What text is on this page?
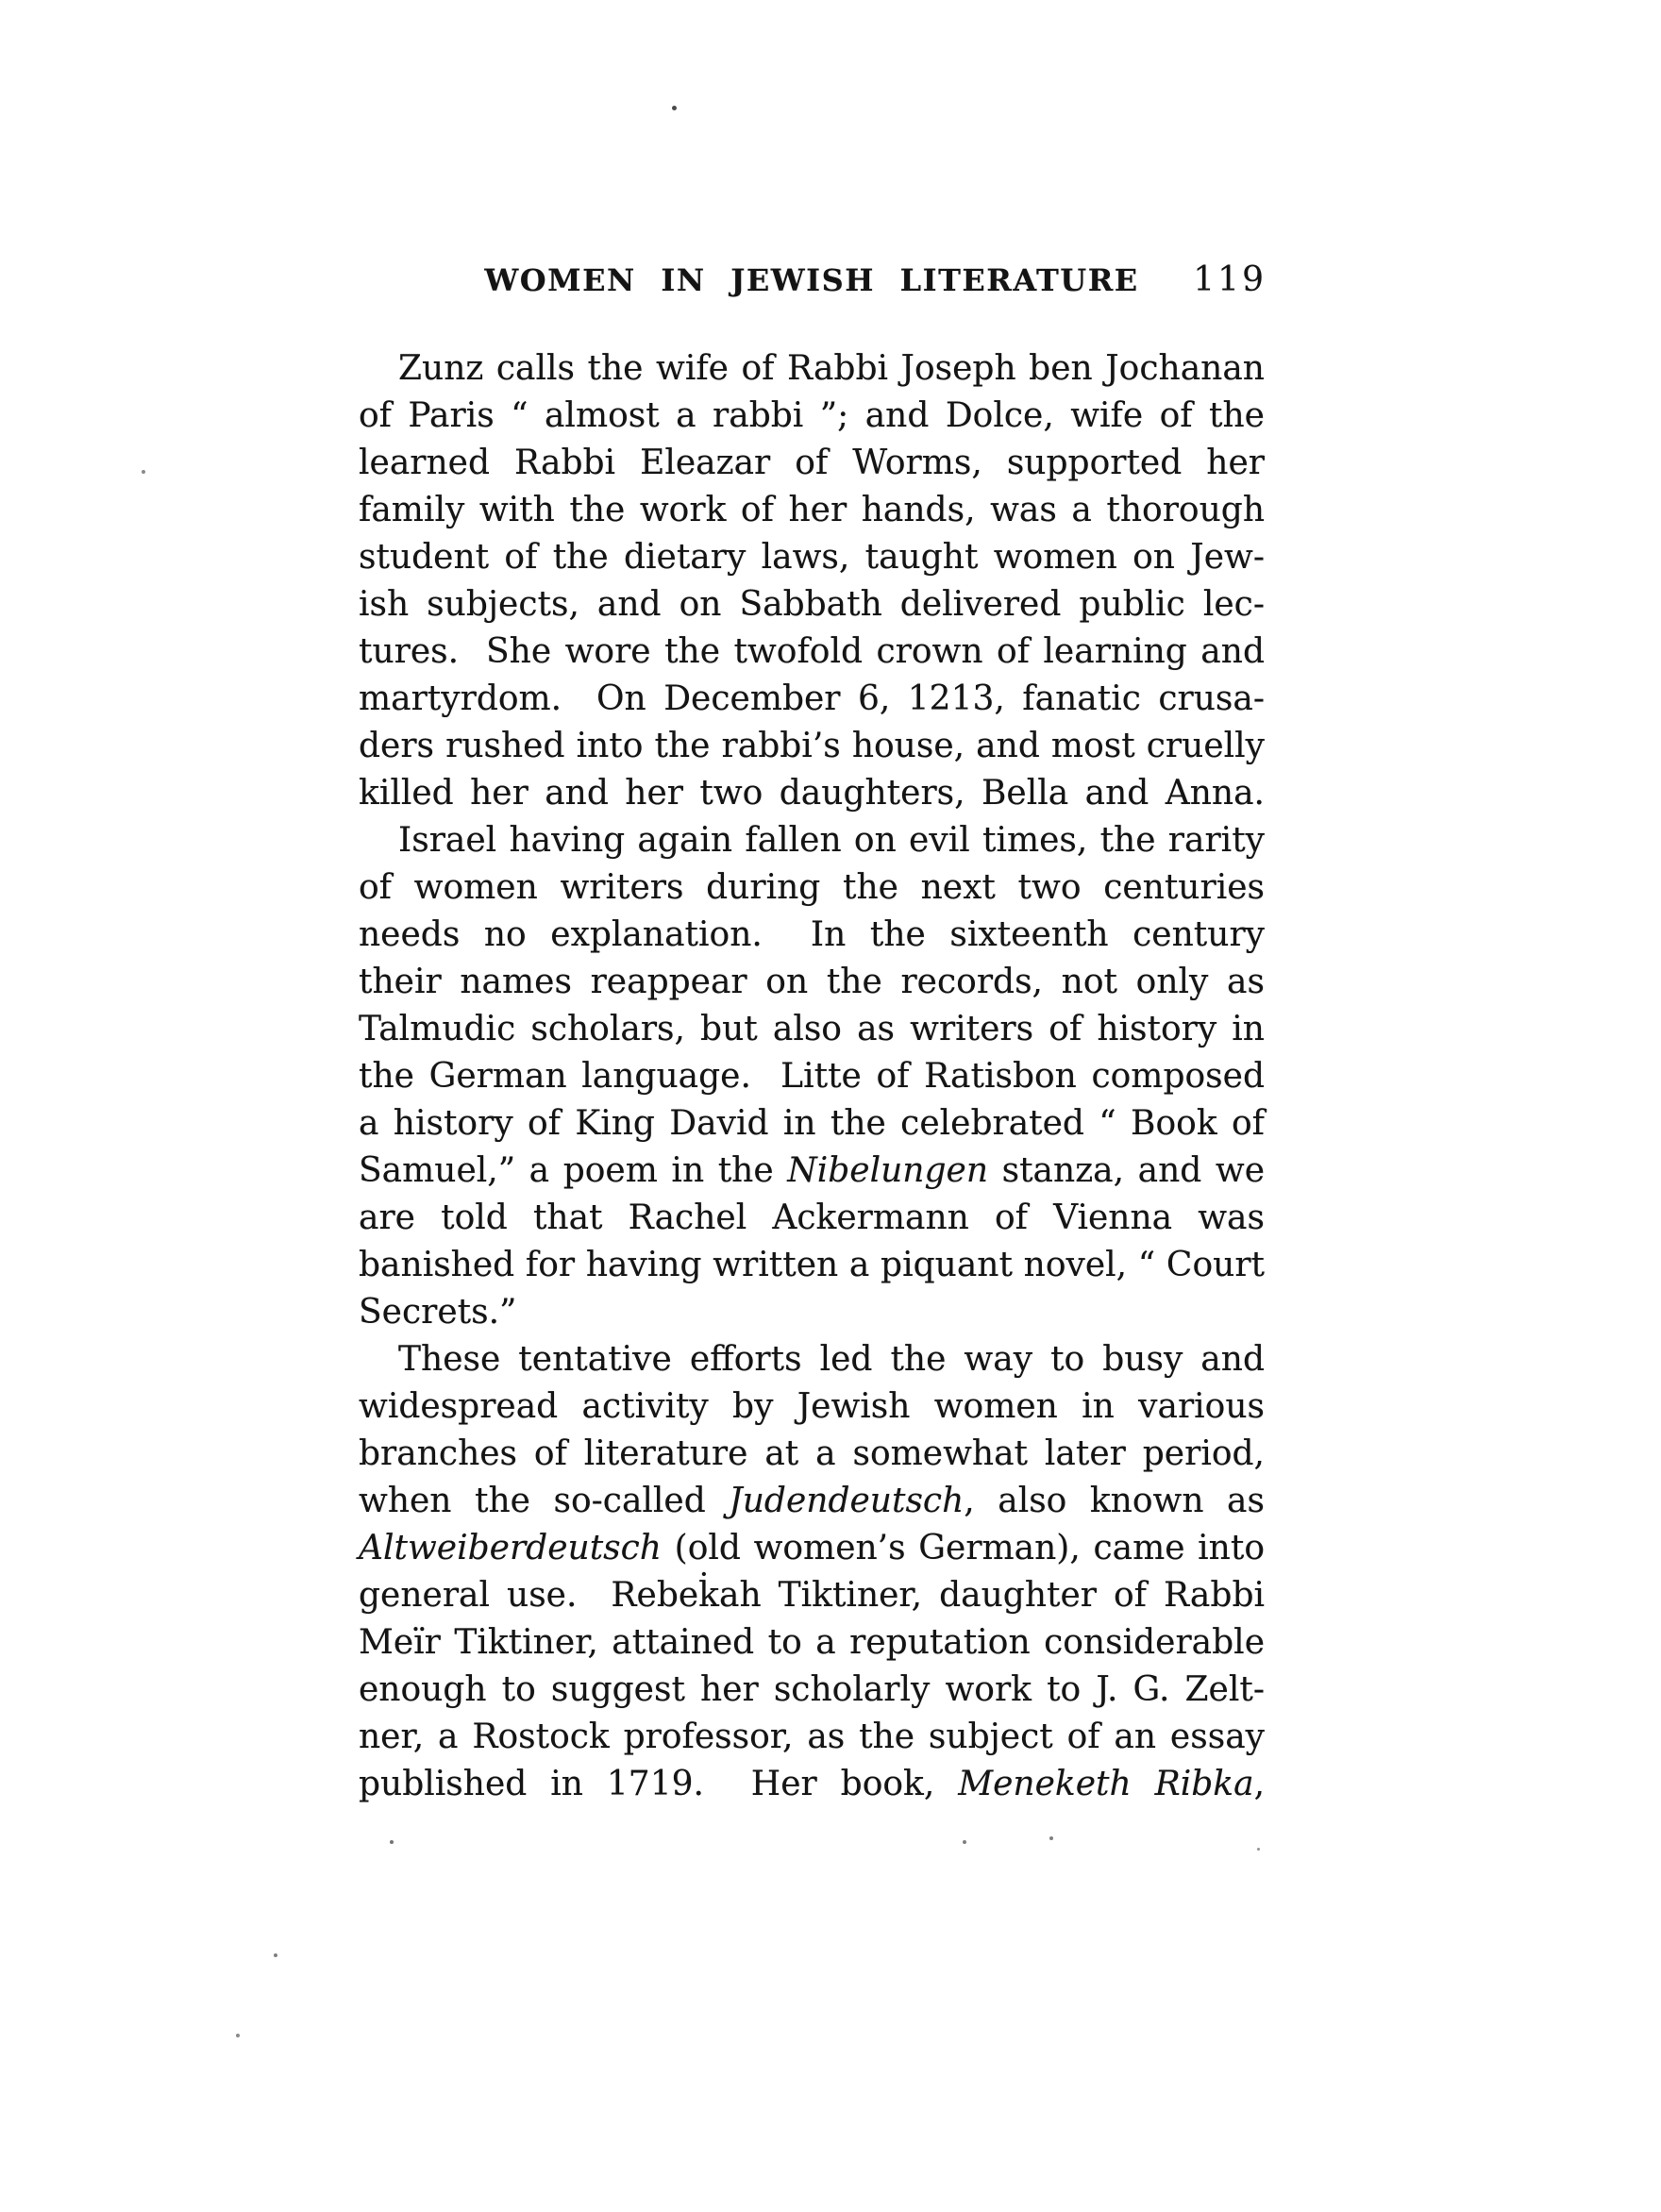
WOMEN IN JEWISH LITERATURE 119
Zunz calls the wife of Rabbi Joseph ben Jochanan
of Paris “ almost a rabbi ”; and Dolce, wife of the
learned Rabbi Eleazar of Worms, supported her
family with the work of her hands, was a thorough
student of the dietary laws, taught women on Jew-
ish subjects, and on Sabbath delivered public lec-
tures.  She wore the twofold crown of learning and
martyrdom.  On December 6, 1213, fanatic crusa-
ders rushed into the rabbi’s house, and most cruelly
killed her and her two daughters, Bella and Anna.
Israel having again fallen on evil times, the rarity
of women writers during the next two centuries
needs no explanation.  In the sixteenth century
their names reappear on the records, not only as
Talmudic scholars, but also as writers of history in
the German language.  Litte of Ratisbon composed
a history of King David in the celebrated “ Book of
Samuel,” a poem in the Nibelungen stanza, and we
are told that Rachel Ackermann of Vienna was
banished for having written a piquant novel, “ Court
Secrets.”
These tentative efforts led the way to busy and
widespread activity by Jewish women in various
branches of literature at a somewhat later period,
when the so-called Judendeutsch, also known as
Altweiberdeutsch (old women’s German), came into
general use.  Rebek̇ah Tiktiner, daughter of Rabbi
Meïr Tiktiner, attained to a reputation considerable
enough to suggest her scholarly work to J. G. Zelt-
ner, a Rostock professor, as the subject of an essay
published in 1719.  Her book, Meneketh Ribka,
